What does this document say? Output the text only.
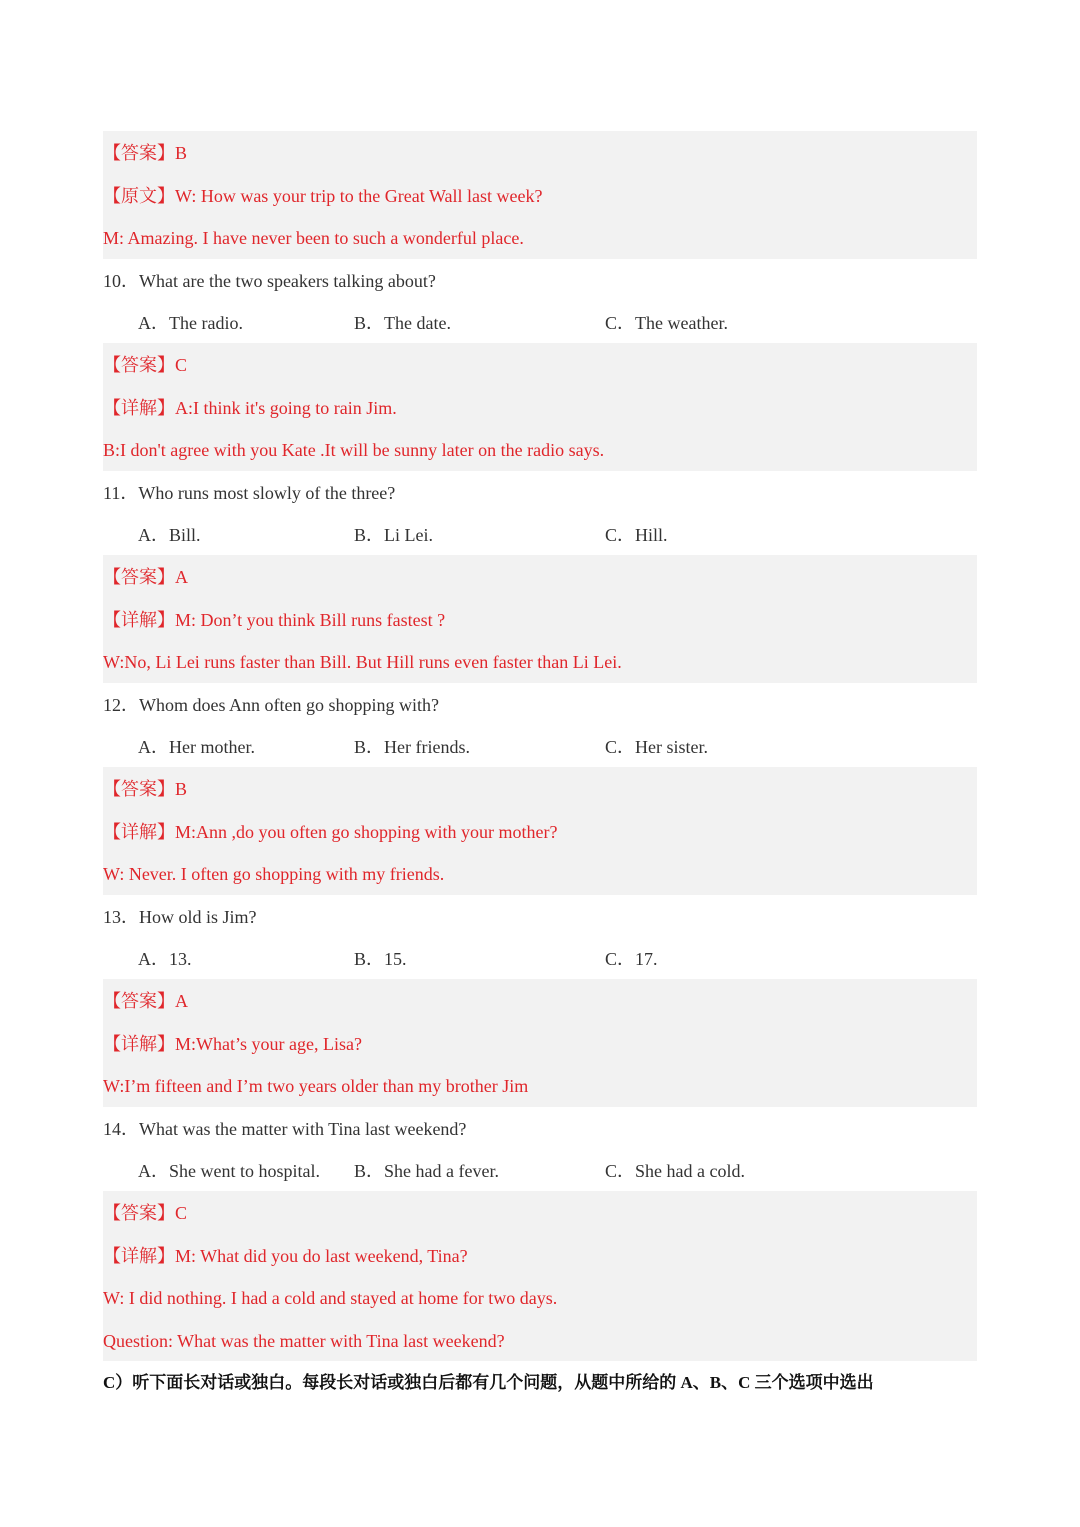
【答案】B
【原文】W: How was your trip to the Great Wall last week?
M: Amazing. I have never been to such a wonderful place.
10．What are the two speakers talking about?
A．The radio.	B．The date.	C．The weather.
【答案】C
【详解】A:I think it's going to rain Jim.
B:I don't agree with you Kate .It will be sunny later on the radio says.
11．Who runs most slowly of the three?
A．Bill.	B．Li Lei.	C．Hill.
【答案】A
【详解】M: Don’t you think Bill runs fastest ?
W:No, Li Lei runs faster than Bill. But Hill runs even faster than Li Lei.
12．Whom does Ann often go shopping with?
A．Her mother.	B．Her friends.	C．Her sister.
【答案】B
【详解】M:Ann ,do you often go shopping with your mother?
W: Never. I often go shopping with my friends.
13．How old is Jim?
A．13.	B．15.	C．17.
【答案】A
【详解】M:What’s your age, Lisa?
W:I’m fifteen and I’m two years older than my brother Jim
14．What was the matter with Tina last weekend?
A．She went to hospital. B．She had a fever.	C．She had a cold.
【答案】C
【详解】M: What did you do last weekend, Tina?
W: I did nothing. I had a cold and stayed at home for two days.
Question: What was the matter with Tina last weekend?
C）听下面长对话或独白。每段长对话或独白后都有几个问题，从题中所给的 A、B、C 三个选项中选出
